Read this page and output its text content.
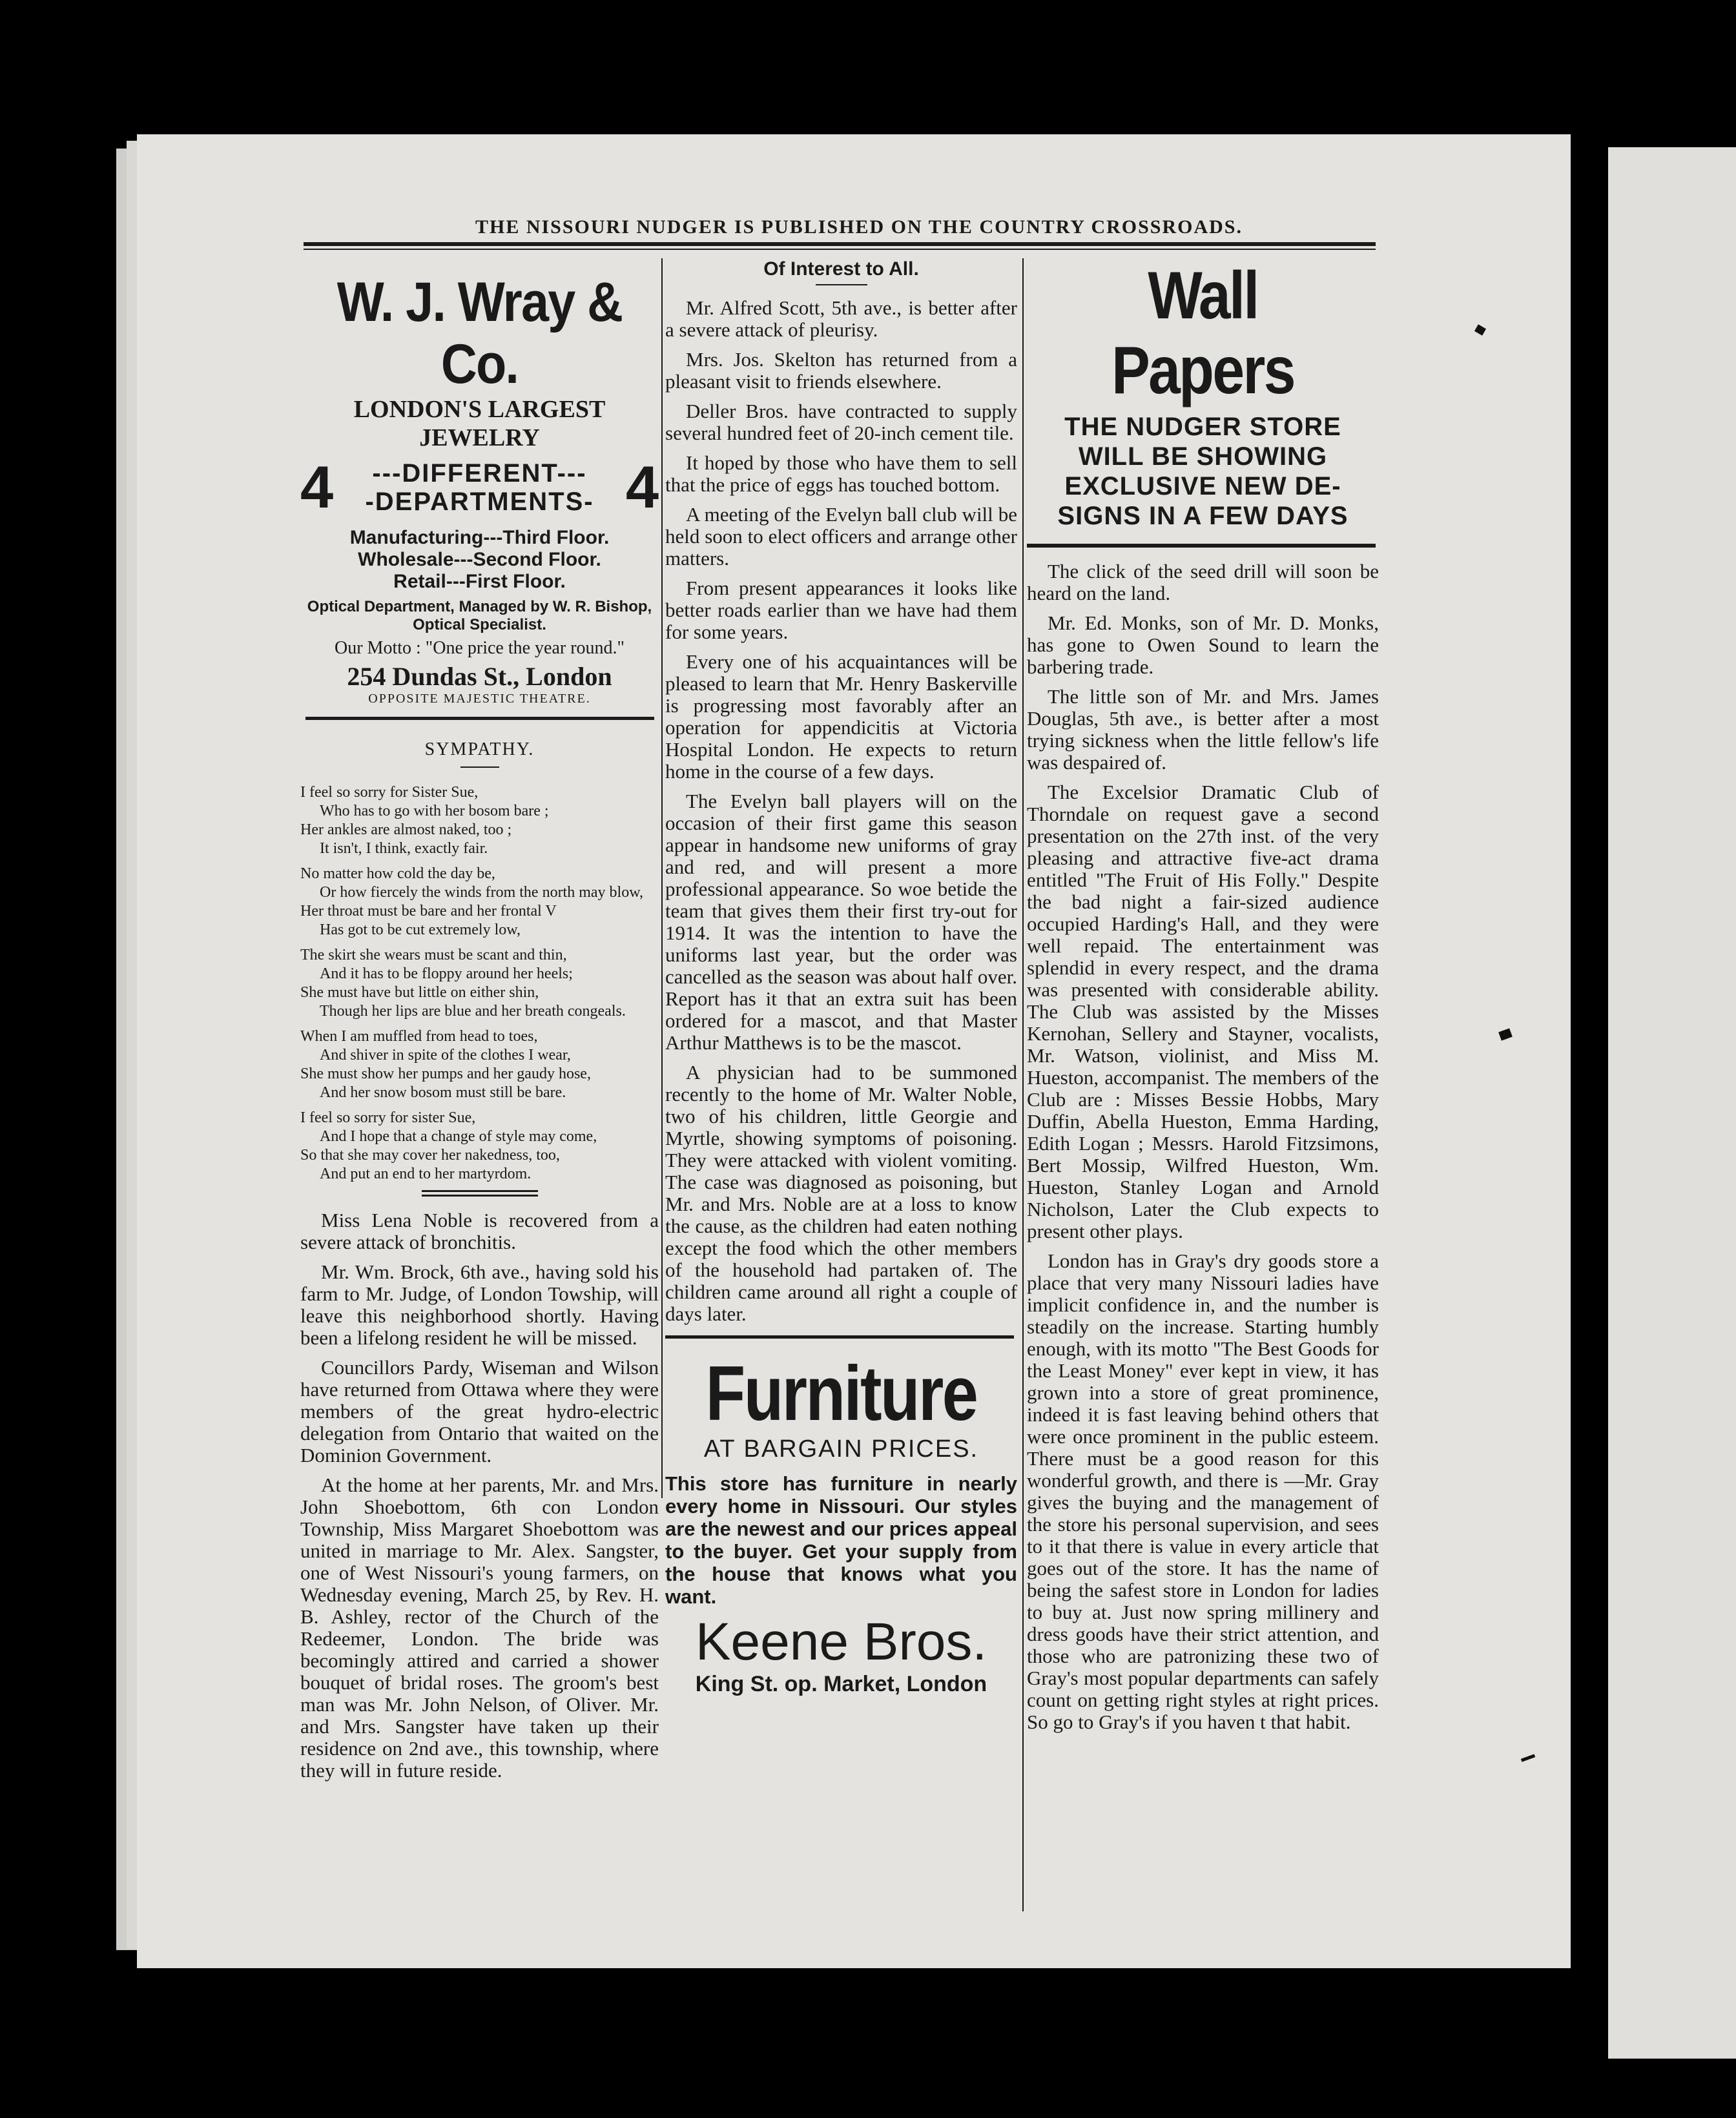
THE NISSOURI NUDGER IS PUBLISHED ON THE COUNTRY CROSSROADS.
W. J. Wray & Co.
LONDON'S LARGEST JEWELRY
4 ---DIFFERENT---
-DEPARTMENTS- 4
Manufacturing---Third Floor.
Wholesale---Second Floor.
Retail---First Floor.
Optical Department, Managed by W. R. Bishop, Optical Specialist.
Our Motto : "One price the year round."
254 Dundas St., London
OPPOSITE MAJESTIC THEATRE.
SYMPATHY.
I feel so sorry for Sister Sue,
Who has to go with her bosom bare ;
Her ankles are almost naked, too ;
It isn't, I think, exactly fair.
No matter how cold the day be,
Or how fiercely the winds from the north may blow,
Her throat must be bare and her frontal V
Has got to be cut extremely low,
The skirt she wears must be scant and thin,
And it has to be floppy around her heels;
She must have but little on either shin,
Though her lips are blue and her breath congeals.
When I am muffled from head to toes,
And shiver in spite of the clothes I wear,
She must show her pumps and her gaudy hose,
And her snow bosom must still be bare.
I feel so sorry for sister Sue,
And I hope that a change of style may come,
So that she may cover her nakedness, too,
And put an end to her martyrdom.

Miss Lena Noble is recovered from a severe attack of bronchitis.

Mr. Wm. Brock, 6th ave., having sold his farm to Mr. Judge, of London Towship, will leave this neighborhood shortly. Having been a lifelong resident he will be missed.

Councillors Pardy, Wiseman and Wilson have returned from Ottawa where they were members of the great hydro-electric delegation from Ontario that waited on the Dominion Government.

At the home at her parents, Mr. and Mrs. John Shoebottom, 6th con London Township, Miss Margaret Shoebottom was united in marriage to Mr. Alex. Sangster, one of West Nissouri's young farmers, on Wednesday evening, March 25, by Rev. H. B. Ashley, rector of the Church of the Redeemer, London. The bride was becomingly attired and carried a shower bouquet of bridal roses. The groom's best man was Mr. John Nelson, of Oliver. Mr. and Mrs. Sangster have taken up their residence on 2nd ave., this township, where they will in future reside.

Of Interest to All.

Mr. Alfred Scott, 5th ave., is better after a severe attack of pleurisy.

Mrs. Jos. Skelton has returned from a pleasant visit to friends elsewhere.

Deller Bros. have contracted to supply several hundred feet of 20-inch cement tile.

It hoped by those who have them to sell that the price of eggs has touched bottom.

A meeting of the Evelyn ball club will be held soon to elect officers and arrange other matters.

From present appearances it looks like better roads earlier than we have had them for some years.

Every one of his acquaintances will be pleased to learn that Mr. Henry Baskerville is progressing most favorably after an operation for appendicitis at Victoria Hospital London. He expects to return home in the course of a few days.

The Evelyn ball players will on the occasion of their first game this season appear in handsome new uniforms of gray and red, and will present a more professional appearance. So woe betide the team that gives them their first try-out for 1914. It was the intention to have the uniforms last year, but the order was cancelled as the season was about half over. Report has it that an extra suit has been ordered for a mascot, and that Master Arthur Matthews is to be the mascot.

A physician had to be summoned recently to the home of Mr. Walter Noble, two of his children, little Georgie and Myrtle, showing symptoms of poisoning. They were attacked with violent vomiting. The case was diagnosed as poisoning, but Mr. and Mrs. Noble are at a loss to know the cause, as the children had eaten nothing except the food which the other members of the household had partaken of. The children came around all right a couple of days later.

Furniture
AT BARGAIN PRICES.
This store has furniture in nearly every home in Nissouri. Our styles are the newest and our prices appeal to the buyer. Get your supply from the house that knows what you want.
Keene Bros.
King St. op. Market, London
Wall Papers
THE NUDGER STORE
WILL BE SHOWING
EXCLUSIVE NEW DE-
SIGNS IN A FEW DAYS

The click of the seed drill will soon be heard on the land.

Mr. Ed. Monks, son of Mr. D. Monks, has gone to Owen Sound to learn the barbering trade.

The little son of Mr. and Mrs. James Douglas, 5th ave., is better after a most trying sickness when the little fellow's life was despaired of.

The Excelsior Dramatic Club of Thorndale on request gave a second presentation on the 27th inst. of the very pleasing and attractive five-act drama entitled "The Fruit of His Folly." Despite the bad night a fair-sized audience occupied Harding's Hall, and they were well repaid. The entertainment was splendid in every respect, and the drama was presented with considerable ability. The Club was assisted by the Misses Kernohan, Sellery and Stayner, vocalists, Mr. Watson, violinist, and Miss M. Hueston, accompanist. The members of the Club are : Misses Bessie Hobbs, Mary Duffin, Abella Hueston, Emma Harding, Edith Logan ; Messrs. Harold Fitzsimons, Bert Mossip, Wilfred Hueston, Wm. Hueston, Stanley Logan and Arnold Nicholson, Later the Club expects to present other plays.

London has in Gray's dry goods store a place that very many Nissouri ladies have implicit confidence in, and the number is steadily on the increase. Starting humbly enough, with its motto "The Best Goods for the Least Money" ever kept in view, it has grown into a store of great prominence, indeed it is fast leaving behind others that were once prominent in the public esteem. There must be a good reason for this wonderful growth, and there is —Mr. Gray gives the buying and the management of the store his personal supervision, and sees to it that there is value in every article that goes out of the store. It has the name of being the safest store in London for ladies to buy at. Just now spring millinery and dress goods have their strict attention, and those who are patronizing these two of Gray's most popular departments can safely count on getting right styles at right prices. So go to Gray's if you haven t that habit.
